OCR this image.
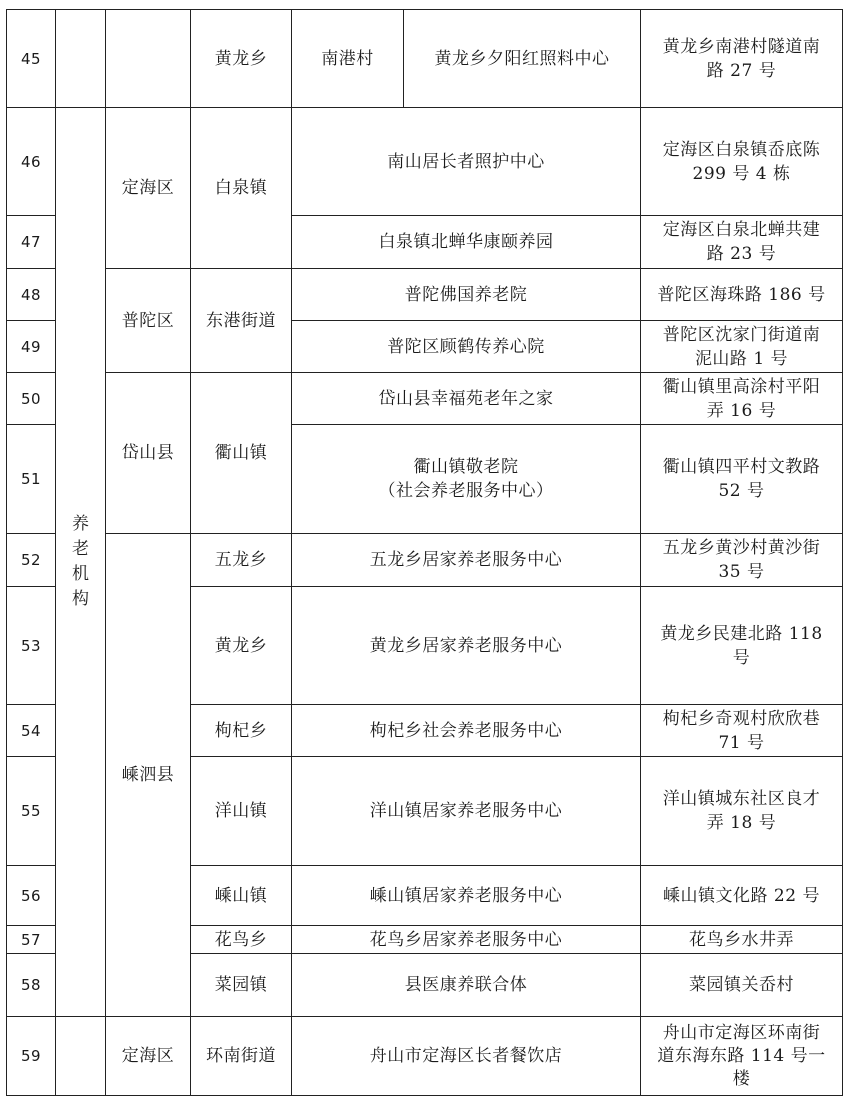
45
46
47
48
49
50
51
52
53
54
55
56
57
58
59
养
老
机
构
定海区
普陀区
岱山县
嵊泗县
定海区
黄龙乡
白泉镇
东港街道
衢山镇
五龙乡
黄龙乡
枸杞乡
洋山镇
嵊山镇
花鸟乡
菜园镇
环南街道
南港村	黄龙乡夕阳红照料中心
南山居长者照护中心
白泉镇北蝉华康颐养园
普陀佛国养老院
普陀区顾鹤传养心院
岱山县幸福苑老年之家
衢山镇敬老院
（社会养老服务中心）
五龙乡居家养老服务中心
黄龙乡居家养老服务中心
枸杞乡社会养老服务中心
洋山镇居家养老服务中心
嵊山镇居家养老服务中心
花鸟乡居家养老服务中心
县医康养联合体
舟山市定海区长者餐饮店
黄龙乡南港村隧道南
路 27 号
定海区白泉镇岙底陈
299 号 4 栋
定海区白泉北蝉共建
路 23 号
普陀区海珠路 186 号
普陀区沈家门街道南
泥山路 1 号
衢山镇里高涂村平阳
弄 16 号
衢山镇四平村文教路
52 号
五龙乡黄沙村黄沙街
35 号
黄龙乡民建北路 118
号
枸杞乡奇观村欣欣巷
71 号
洋山镇城东社区良才
弄 18 号
嵊山镇文化路 22 号
花鸟乡水井弄
菜园镇关岙村
舟山市定海区环南街
道东海东路 114 号一
楼
